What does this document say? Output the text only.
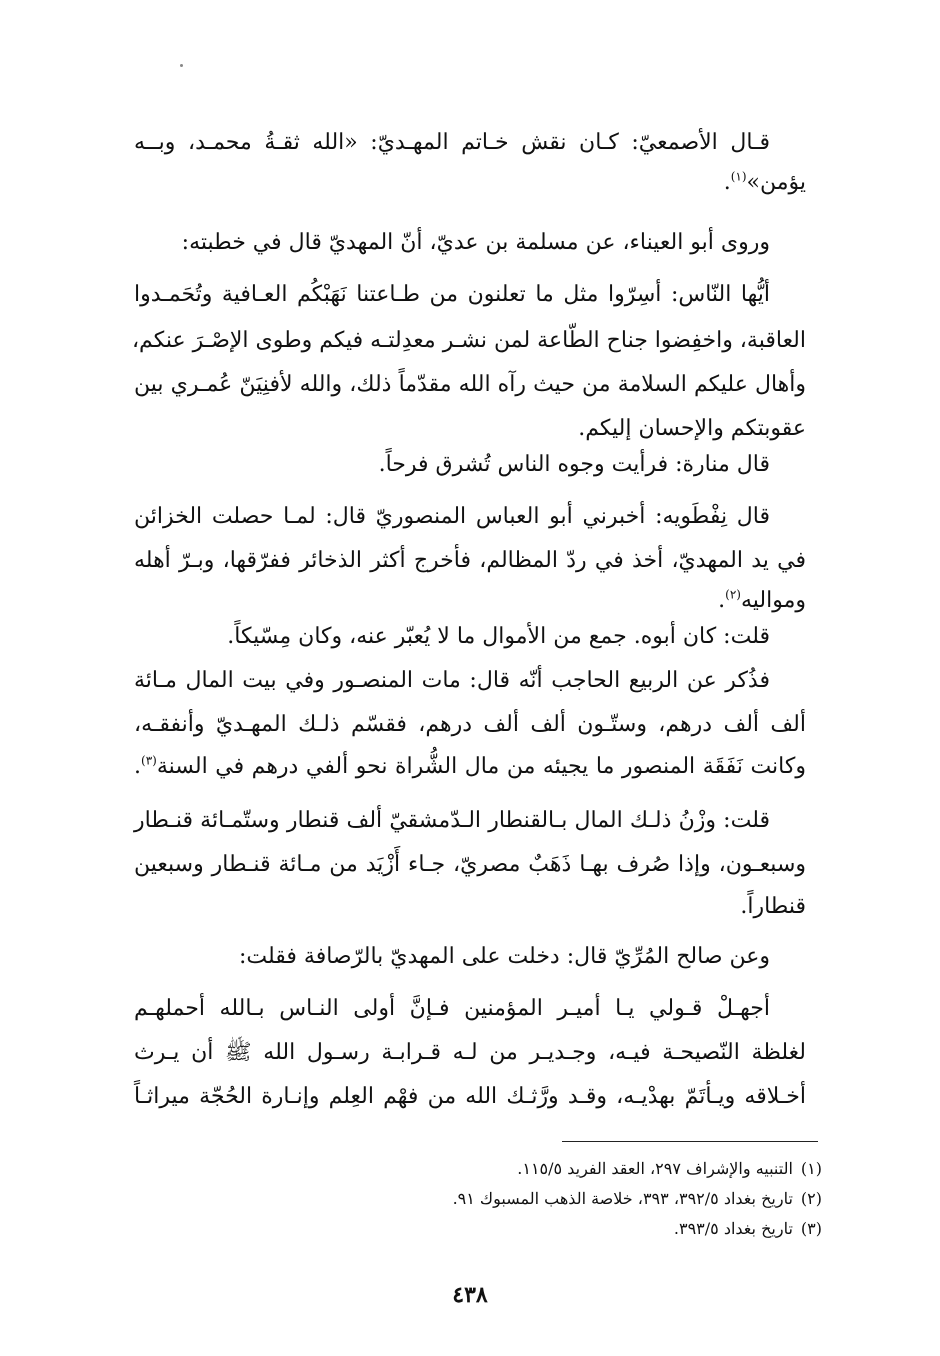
قـال الأصمعيّ: كـان نقش خـاتم المهـديّ: «الله ثقـةُ محمـد، وبــه
يؤمن»$^{(١)}$.
وروى أبو العيناء، عن مسلمة بن عديّ، أنّ المهديّ قال في خطبته:
أيُّها النّاس: أسِرّوا مثل ما تعلنون من طـاعتنا نَهَبْكُم العـافية وتُحَمـدوا
العاقبة، واخفِضوا جناح الطّاعة لمن نشـر معدِلتـه فيكم وطوى الإصْـرَ عنكم،
وأهال عليكم السلامة من حيث رآه الله مقدّماً ذلك، والله لأفنِيَنّ عُمـري بين
عقوبتكم والإحسان إليكم.
قال منارة: فرأيت وجوه الناس تُشرق فرحاً.
قال نِفْطَويه: أخبرني أبو العباس المنصوريّ قال: لمـا حصلت الخزائن
في يد المهديّ، أخذ في ردّ المظالم، فأخرج أكثر الذخائر ففرّقها، وبـرّ أهله
ومواليه$^{(٢)}$.
قلت: كان أبوه. جمع من الأموال ما لا يُعبّر عنه، وكان مِسّيكاً.
فذُكر عن الربيع الحاجب أنّه قال: مات المنصـور وفي بيت المال مـائة
ألف ألف درهم، وستّـون ألف ألف درهم، فقسّم ذلـك المهـديّ وأنفقـه،
وكانت نَفَقَة المنصور ما يجيئه من مال الشُّراة نحو ألفي درهم في السنة$^{(٣)}$.
قلت: وزْنُ ذلـك المال بـالقنطار الـدّمشقيّ ألف قنطار وستّمـائة قنـطار
وسبعـون، وإذا صُرف بهـا ذَهَبٌ مصريّ، جـاء أَزْيَد من مـائة قنـطار وسبعين
قنطاراً.
وعن صالح المُرِّيّ قال: دخلت على المهديّ بالرّصافة فقلت:
أجهـلْ قـولي يـا أميـر المؤمنين فـإنَّ أولى النـاس بـالله أحملهـم
لغلظة النّصيحـة فيـه، وجـديـر من لـه قـرابـة رسـول الله ﷺ أن يـرث
أخـلاقه ويـأتَمّ بهدْيـه، وقـد ورَّثـك الله من فهْم العِلم وإنـارة الحُجّة ميراثـاً
(١)التنبيه والإشراف ٢٩٧، العقد الفريد ١١٥/٥.
(٢)تاريخ بغداد ٣٩٢/٥، ٣٩٣، خلاصة الذهب المسبوك ٩١.
(٣)تاريخ بغداد ٣٩٣/٥.
٤٣٨
